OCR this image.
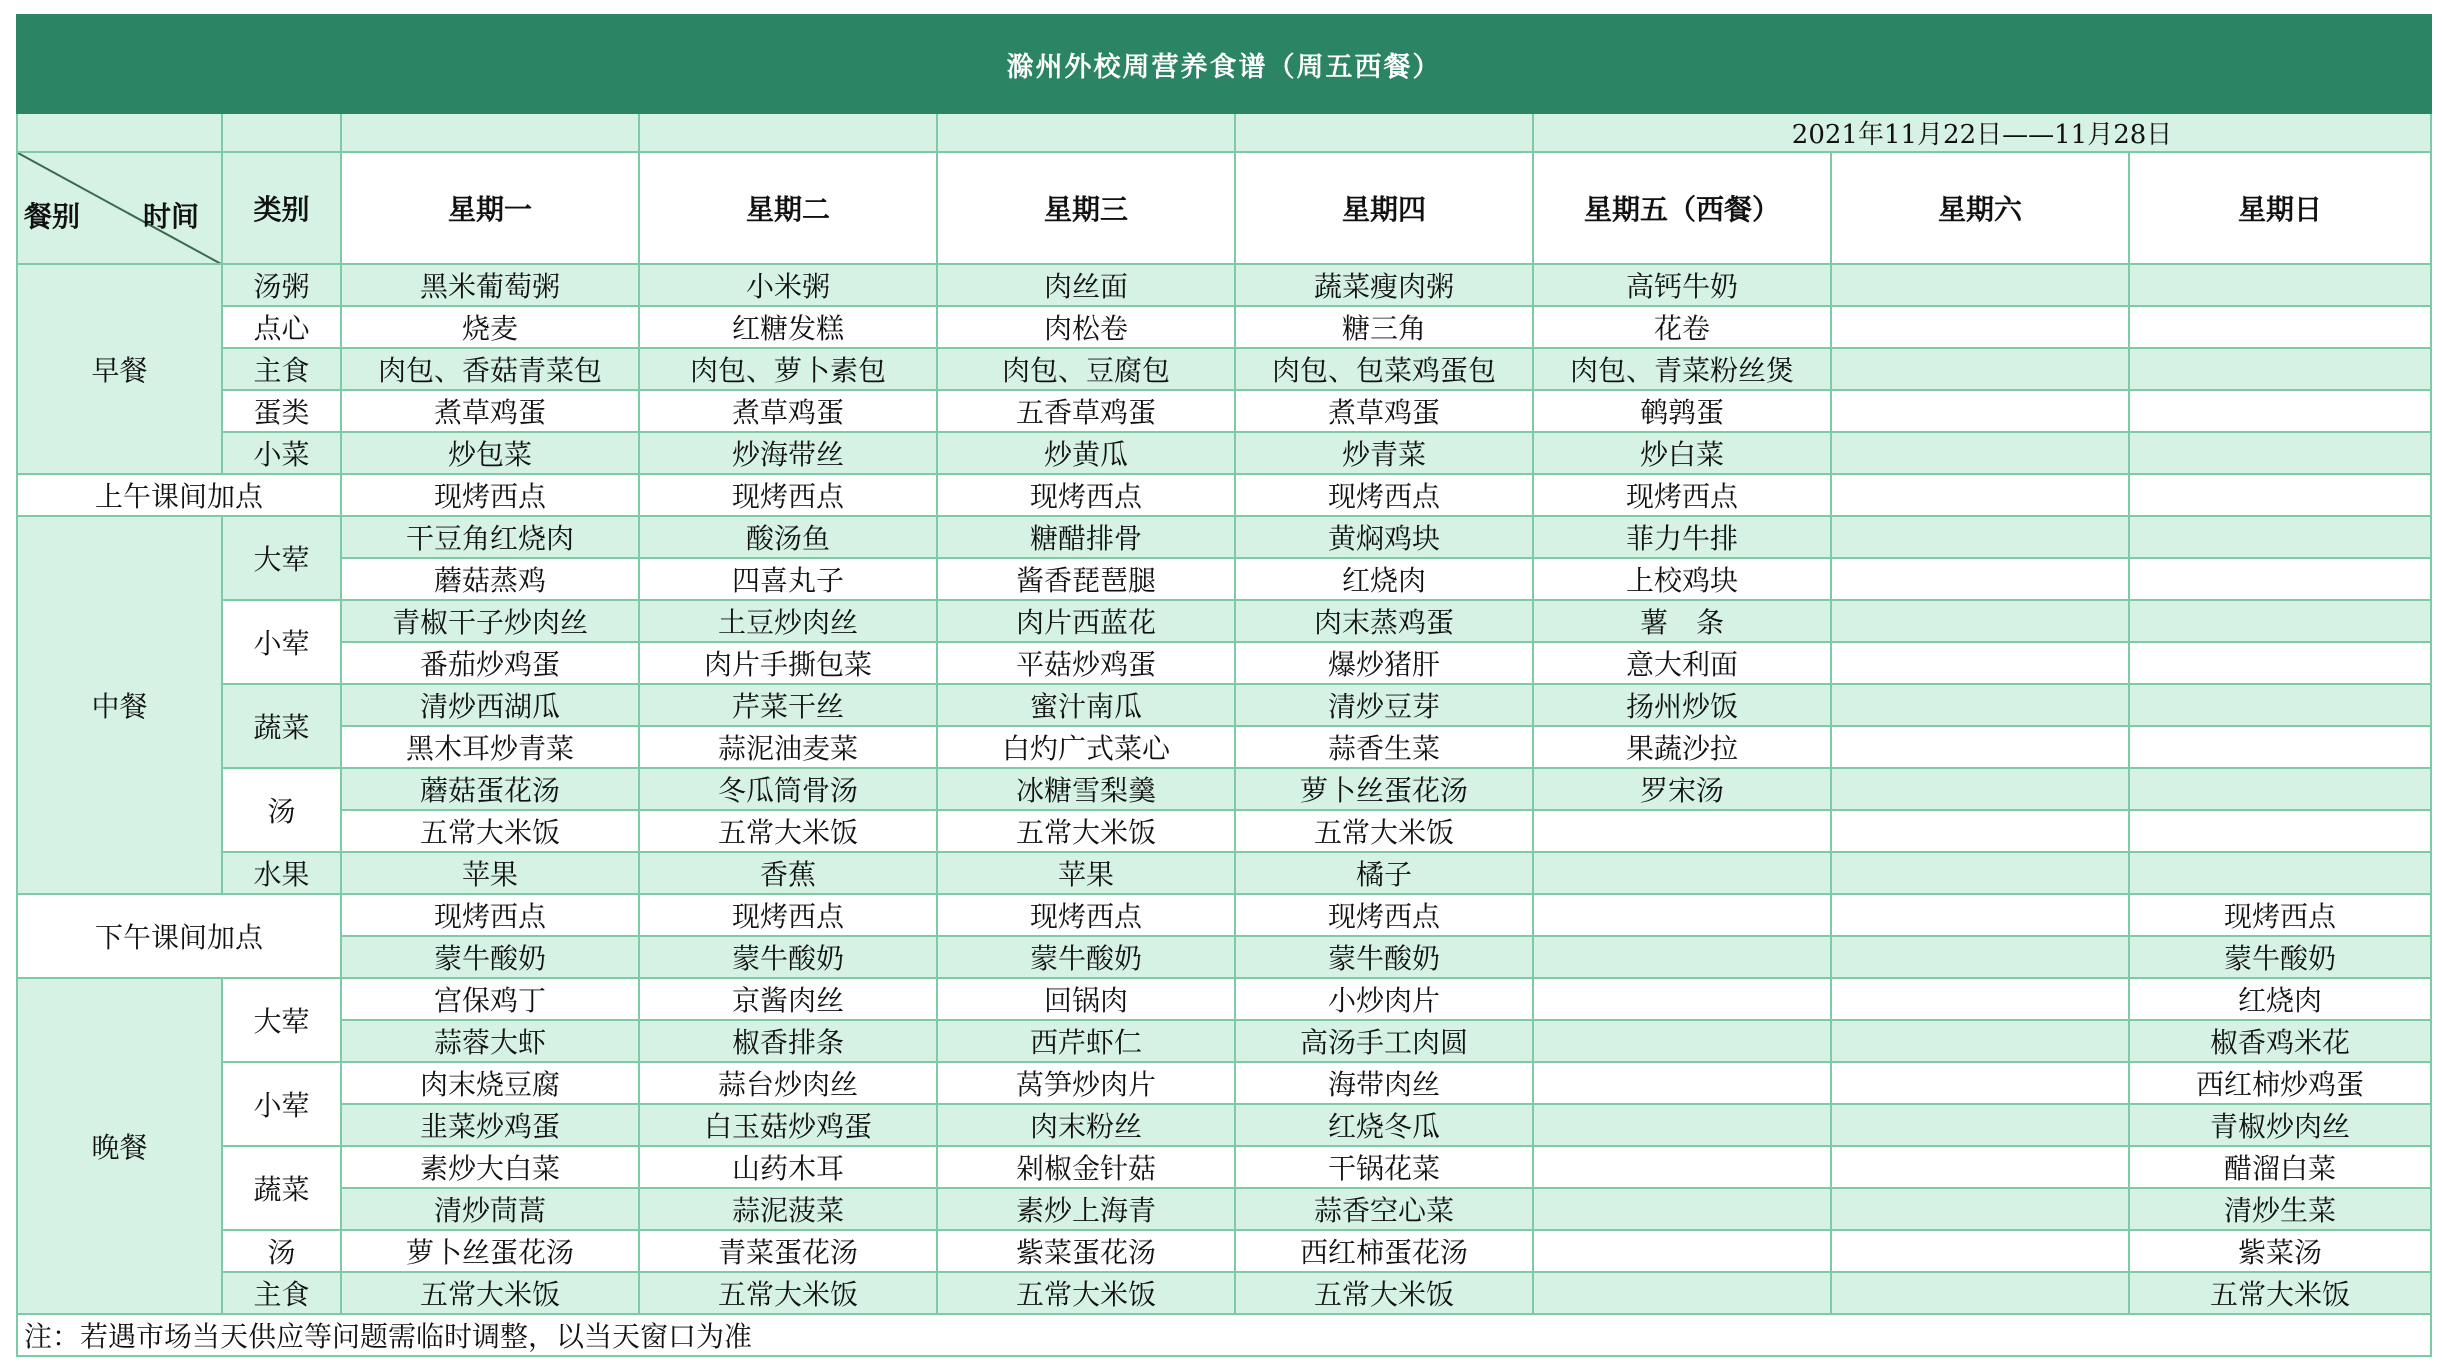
滁州外校周营养食谱（周五西餐）								
						2021年11月22日——11月28日		

餐别 时间	类别	星期一	星期二	星期三	星期四	星期五（西餐）	星期六	星期日
早餐	汤粥	黑米葡萄粥	小米粥	肉丝面	蔬菜瘦肉粥	高钙牛奶		
	点心	烧麦	红糖发糕	肉松卷	糖三角	花卷		
	主食	肉包、香菇青菜包	肉包、萝卜素包	肉包、豆腐包	肉包、包菜鸡蛋包	肉包、青菜粉丝煲		
	蛋类	煮草鸡蛋	煮草鸡蛋	五香草鸡蛋	煮草鸡蛋	鹌鹑蛋		
	小菜	炒包菜	炒海带丝	炒黄瓜	炒青菜	炒白菜		
上午课间加点		现烤西点	现烤西点	现烤西点	现烤西点	现烤西点		
中餐	大荤	干豆角红烧肉	酸汤鱼	糖醋排骨	黄焖鸡块	菲力牛排		
		蘑菇蒸鸡	四喜丸子	酱香琵琶腿	红烧肉	上校鸡块		
	小荤	青椒干子炒肉丝	土豆炒肉丝	肉片西蓝花	肉末蒸鸡蛋	薯　条		
		番茄炒鸡蛋	肉片手撕包菜	平菇炒鸡蛋	爆炒猪肝	意大利面		
	蔬菜	清炒西湖瓜	芹菜干丝	蜜汁南瓜	清炒豆芽	扬州炒饭		
		黑木耳炒青菜	蒜泥油麦菜	白灼广式菜心	蒜香生菜	果蔬沙拉		
	汤	蘑菇蛋花汤	冬瓜筒骨汤	冰糖雪梨羹	萝卜丝蛋花汤	罗宋汤		
		五常大米饭	五常大米饭	五常大米饭	五常大米饭			
	水果	苹果	香蕉	苹果	橘子			
下午课间加点		现烤西点	现烤西点	现烤西点	现烤西点			现烤西点
		蒙牛酸奶	蒙牛酸奶	蒙牛酸奶	蒙牛酸奶			蒙牛酸奶
晚餐	大荤	宫保鸡丁	京酱肉丝	回锅肉	小炒肉片			红烧肉
		蒜蓉大虾	椒香排条	西芹虾仁	高汤手工肉圆			椒香鸡米花
	小荤	肉末烧豆腐	蒜台炒肉丝	莴笋炒肉片	海带肉丝			西红柿炒鸡蛋
		韭菜炒鸡蛋	白玉菇炒鸡蛋	肉末粉丝	红烧冬瓜			青椒炒肉丝
	蔬菜	素炒大白菜	山药木耳	剁椒金针菇	干锅花菜			醋溜白菜
		清炒茼蒿	蒜泥菠菜	素炒上海青	蒜香空心菜			清炒生菜
	汤	萝卜丝蛋花汤	青菜蛋花汤	紫菜蛋花汤	西红柿蛋花汤			紫菜汤
	主食	五常大米饭	五常大米饭	五常大米饭	五常大米饭			五常大米饭
注：若遇市场当天供应等问题需临时调整，以当天窗口为准								
